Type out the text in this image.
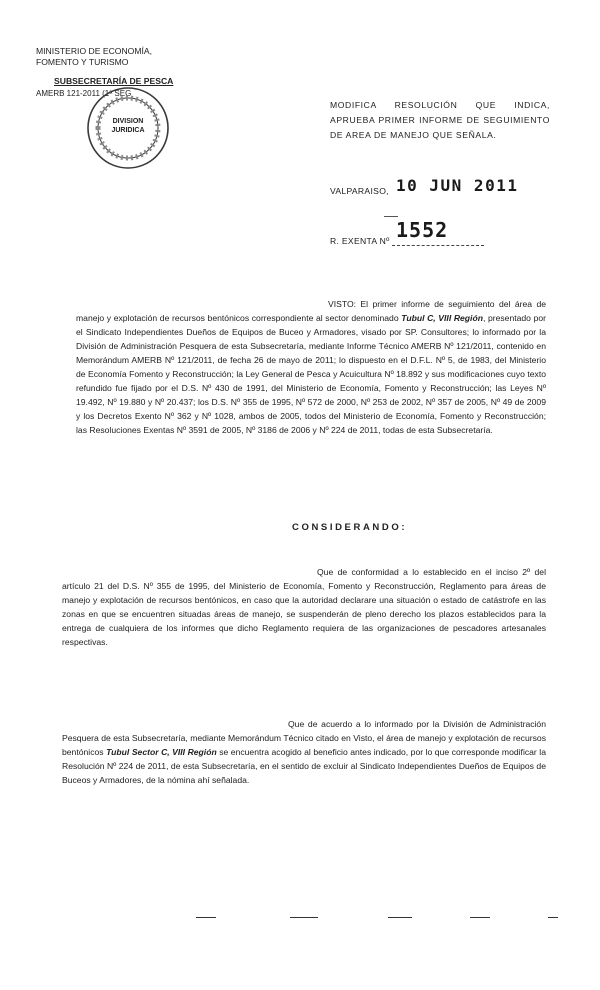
MINISTERIO DE ECONOMÍA, FOMENTO Y TURISMO
SUBSECRETARÍA DE PESCA
AMERB 121-2011 (1ª SEG
DIVISION
JURIDICA
MODIFICA RESOLUCIÓN QUE INDICA, APRUEBA PRIMER INFORME DE SEGUIMIENTO DE AREA DE MANEJO QUE SEÑALA.
VALPARAISO, 10 JUN 2011
1552
R. EXENTA Nº
VISTO: El primer informe de seguimiento del área de manejo y explotación de recursos bentónicos correspondiente al sector denominado Tubul C, VIII Región, presentado por el Sindicato Independientes Dueños de Equipos de Buceo y Armadores, visado por SP. Consultores; lo informado por la División de Administración Pesquera de esta Subsecretaría, mediante Informe Técnico AMERB Nº 121/2011, contenido en Memorándum AMERB Nº 121/2011, de fecha 26 de mayo de 2011; lo dispuesto en el D.F.L. Nº 5, de 1983, del Ministerio de Economía Fomento y Reconstrucción; la Ley General de Pesca y Acuicultura Nº 18.892 y sus modificaciones cuyo texto refundido fue fijado por el D.S. Nº 430 de 1991, del Ministerio de Economía, Fomento y Reconstrucción; las Leyes Nº 19.492, Nº 19.880 y Nº 20.437; los D.S. Nº 355 de 1995, Nº 572 de 2000, Nº 253 de 2002, Nº 357 de 2005, Nº 49 de 2009 y los Decretos Exento Nº 362 y Nº 1028, ambos de 2005, todos del Ministerio de Economía, Fomento y Reconstrucción; las Resoluciones Exentas Nº 3591 de 2005, Nº 3186 de 2006 y Nº 224 de 2011, todas de esta Subsecretaría.
CONSIDERANDO:
Que de conformidad a lo establecido en el inciso 2º del artículo 21 del D.S. Nº 355 de 1995, del Ministerio de Economía, Fomento y Reconstrucción, Reglamento para áreas de manejo y explotación de recursos bentónicos, en caso que la autoridad declarare una situación o estado de catástrofe en las zonas en que se encuentren situadas áreas de manejo, se suspenderán de pleno derecho los plazos establecidos para la entrega de cualquiera de los informes que dicho Reglamento requiera de las organizaciones de pescadores artesanales respectivas.
Que de acuerdo a lo informado por la División de Administración Pesquera de esta Subsecretaría, mediante Memorándum Técnico citado en Visto, el área de manejo y explotación de recursos bentónicos Tubul Sector C, VIII Región se encuentra acogido al beneficio antes indicado, por lo que corresponde modificar la Resolución Nº 224 de 2011, de esta Subsecretaría, en el sentido de excluir al Sindicato Independientes Dueños de Equipos de Buceos y Armadores, de la nómina ahí señalada.
